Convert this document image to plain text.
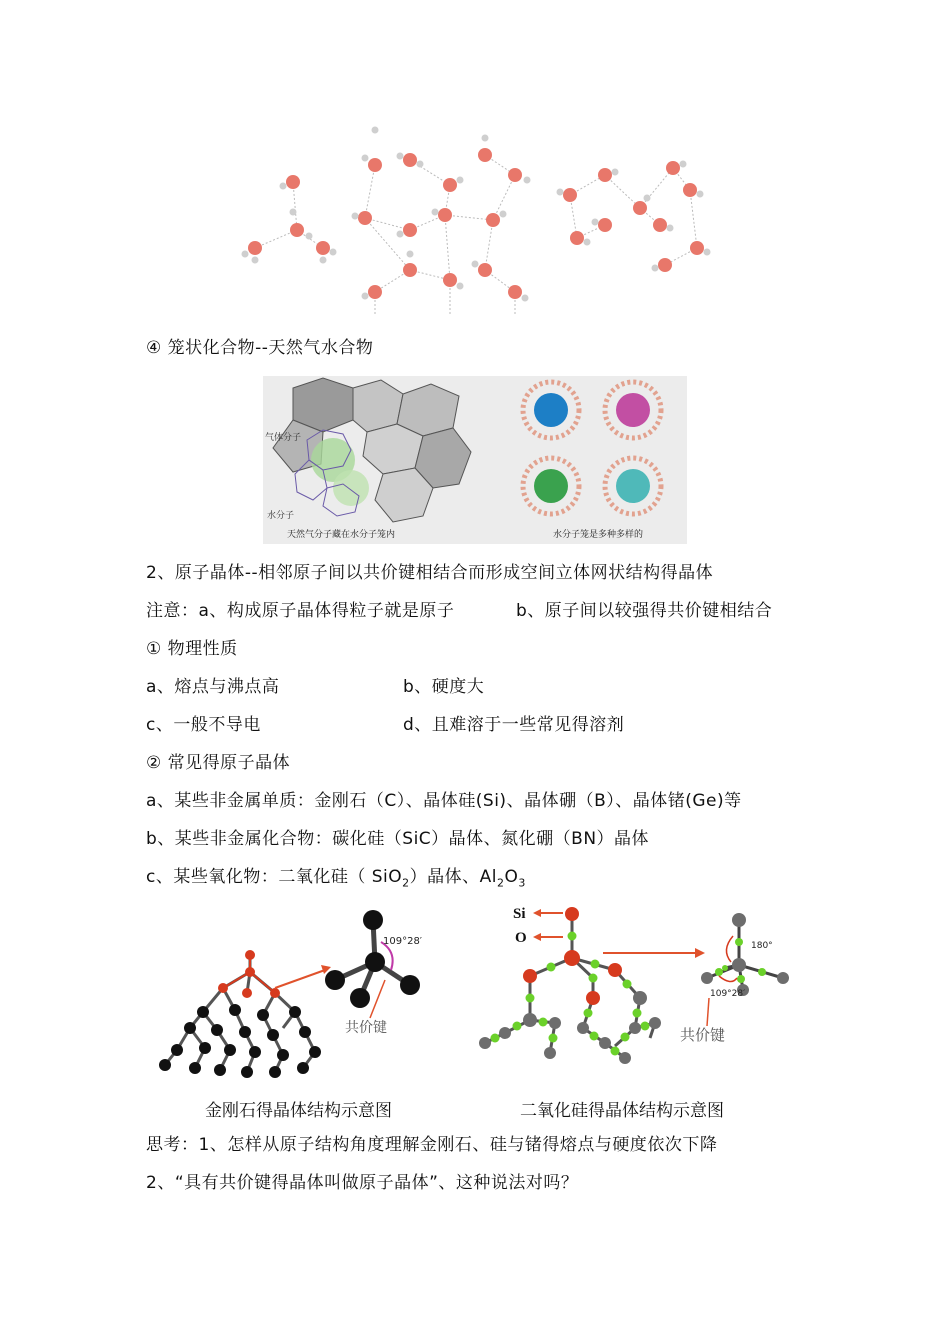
④ 笼状化合物--天然气水合物
气体分子
水分子
天然气分子藏在水分子笼内	水分子笼是多种多样的
2、原子晶体--相邻原子间以共价键相结合而形成空间立体网状结构得晶体
注意：a、构成原子晶体得粒子就是原子	b、原子间以较强得共价键相结合
① 物理性质
a、熔点与沸点高	b、硬度大
c、一般不导电	d、且难溶于一些常见得溶剂
② 常见得原子晶体
a、某些非金属单质：金刚石（C）、晶体硅(Si)、晶体硼（B）、晶体锗(Ge)等
b、某些非金属化合物：碳化硅（SiC）晶体、氮化硼（BN）晶体
c、某些氧化物：二氧化硅（ SiO$_2$）晶体、$Al_2O_3$
109°28′
共价键
Si
O	180°
109°28′
共价键
金刚石得晶体结构示意图	二氧化硅得晶体结构示意图
思考：1、怎样从原子结构角度理解金刚石、硅与锗得熔点与硬度依次下降
2、“具有共价键得晶体叫做原子晶体”、这种说法对吗？
